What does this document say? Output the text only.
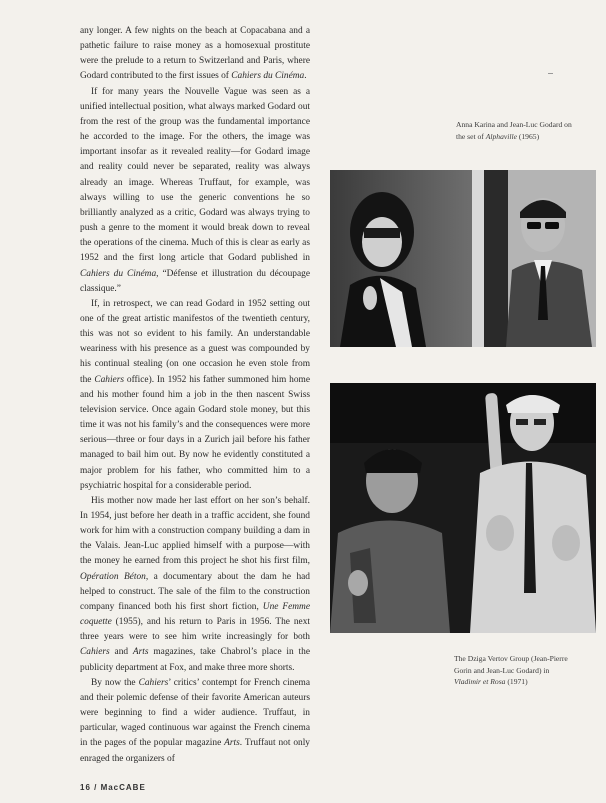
any longer. A few nights on the beach at Copacabana and a pathetic failure to raise money as a homosexual prostitute were the prelude to a return to Switzerland and Paris, where Godard contributed to the first issues of Cahiers du Cinéma.

If for many years the Nouvelle Vague was seen as a unified intellectual position, what always marked Godard out from the rest of the group was the fundamental importance he accorded to the image. For the others, the image was important insofar as it revealed reality—for Godard image and reality could never be separated, reality was always already an image. Whereas Truffaut, for example, was always willing to use the generic conventions he so brilliantly analyzed as a critic, Godard was always trying to push a genre to the moment it would break down to reveal the operations of the cinema. Much of this is clear as early as 1952 and the first long article that Godard published in Cahiers du Cinéma, “Défense et illustration du découpage classique.”

If, in retrospect, we can read Godard in 1952 setting out one of the great artistic manifestos of the twentieth century, this was not so evident to his family. An understandable weariness with his presence as a guest was compounded by his continual stealing (on one occasion he even stole from the Cahiers office). In 1952 his father summoned him home and his mother found him a job in the then nascent Swiss television service. Once again Godard stole money, but this time it was not his family’s and the consequences were more serious—three or four days in a Zurich jail before his father managed to bail him out. By now he evidently constituted a major problem for his father, who committed him to a psychiatric hospital for a considerable period.

His mother now made her last effort on her son’s behalf. In 1954, just before her death in a traffic accident, she found work for him with a construction company building a dam in the Valais. Jean-Luc applied himself with a purpose—with the money he earned from this project he shot his first film, Opération Béton, a documentary about the dam he had helped to construct. The sale of the film to the construction company financed both his first short fiction, Une Femme coquette (1955), and his return to Paris in 1956. The next three years were to see him write increasingly for both Cahiers and Arts magazines, take Chabrol’s place in the publicity department at Fox, and make three more shorts.

By now the Cahiers’ critics’ contempt for French cinema and their polemic defense of their favorite American auteurs were beginning to find a wider audience. Truffaut, in particular, waged continuous war against the French cinema in the pages of the popular magazine Arts. Truffaut not only enraged the organizers of

Anna Karina and Jean-Luc Godard on the set of Alphaville (1965)
The Dziga Vertov Group (Jean-Pierre Gorin and Jean-Luc Godard) in Vladimir et Rosa (1971)
16 / MacCABE
